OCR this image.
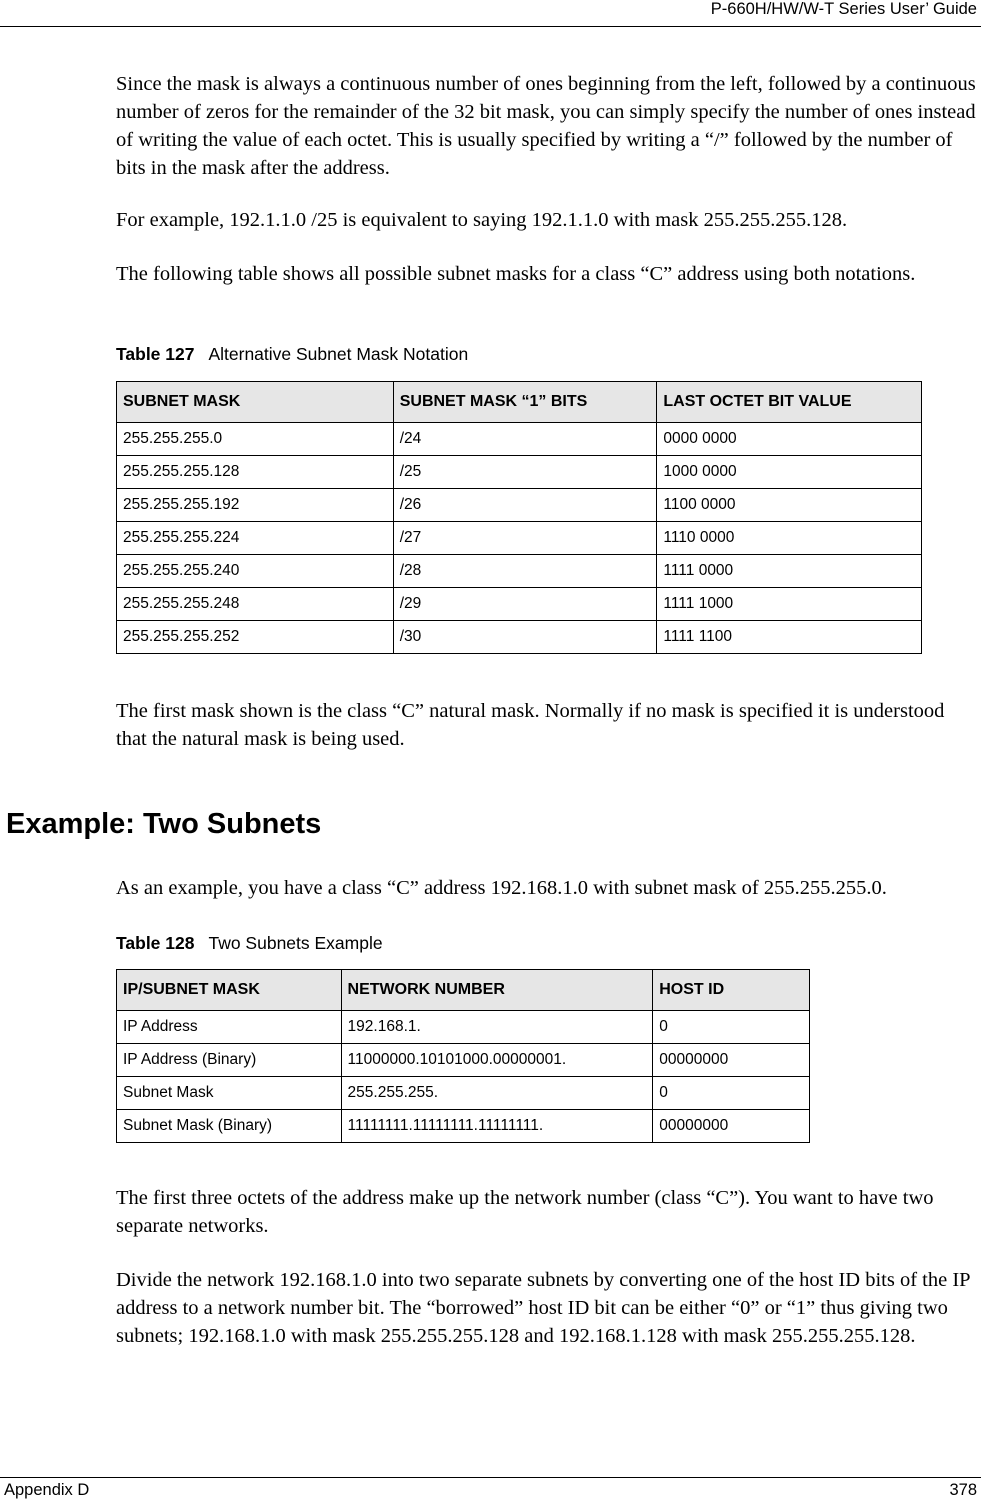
P-660H/HW/W-T Series User’ Guide

Since the mask is always a continuous number of ones beginning from the left, followed by a continuous number of zeros for the remainder of the 32 bit mask, you can simply specify the number of ones instead of writing the value of each octet. This is usually specified by writing a “/” followed by the number of bits in the mask after the address.

For example, 192.1.1.0 /25 is equivalent to saying 192.1.1.0 with mask 255.255.255.128.

The following table shows all possible subnet masks for a class “C” address using both notations.

Table 127 Alternative Subnet Mask Notation

SUBNET MASK	SUBNET MASK “1” BITS	LAST OCTET BIT VALUE
255.255.255.0	/24	0000 0000
255.255.255.128	/25	1000 0000
255.255.255.192	/26	1100 0000
255.255.255.224	/27	1110 0000
255.255.255.240	/28	1111 0000
255.255.255.248	/29	1111 1000
255.255.255.252	/30	1111 1100

The first mask shown is the class “C” natural mask. Normally if no mask is specified it is understood that the natural mask is being used.

Example: Two Subnets

As an example, you have a class “C” address 192.168.1.0 with subnet mask of 255.255.255.0.

Table 128 Two Subnets Example

IP/SUBNET MASK	NETWORK NUMBER	HOST ID
IP Address	192.168.1.	0
IP Address (Binary)	11000000.10101000.00000001.	00000000
Subnet Mask	255.255.255.	0
Subnet Mask (Binary)	11111111.11111111.11111111.	00000000

The first three octets of the address make up the network number (class “C”). You want to have two separate networks.

Divide the network 192.168.1.0 into two separate subnets by converting one of the host ID bits of the IP address to a network number bit. The “borrowed” host ID bit can be either “0” or “1” thus giving two subnets; 192.168.1.0 with mask 255.255.255.128 and 192.168.1.128 with mask 255.255.255.128.

Appendix D	378
